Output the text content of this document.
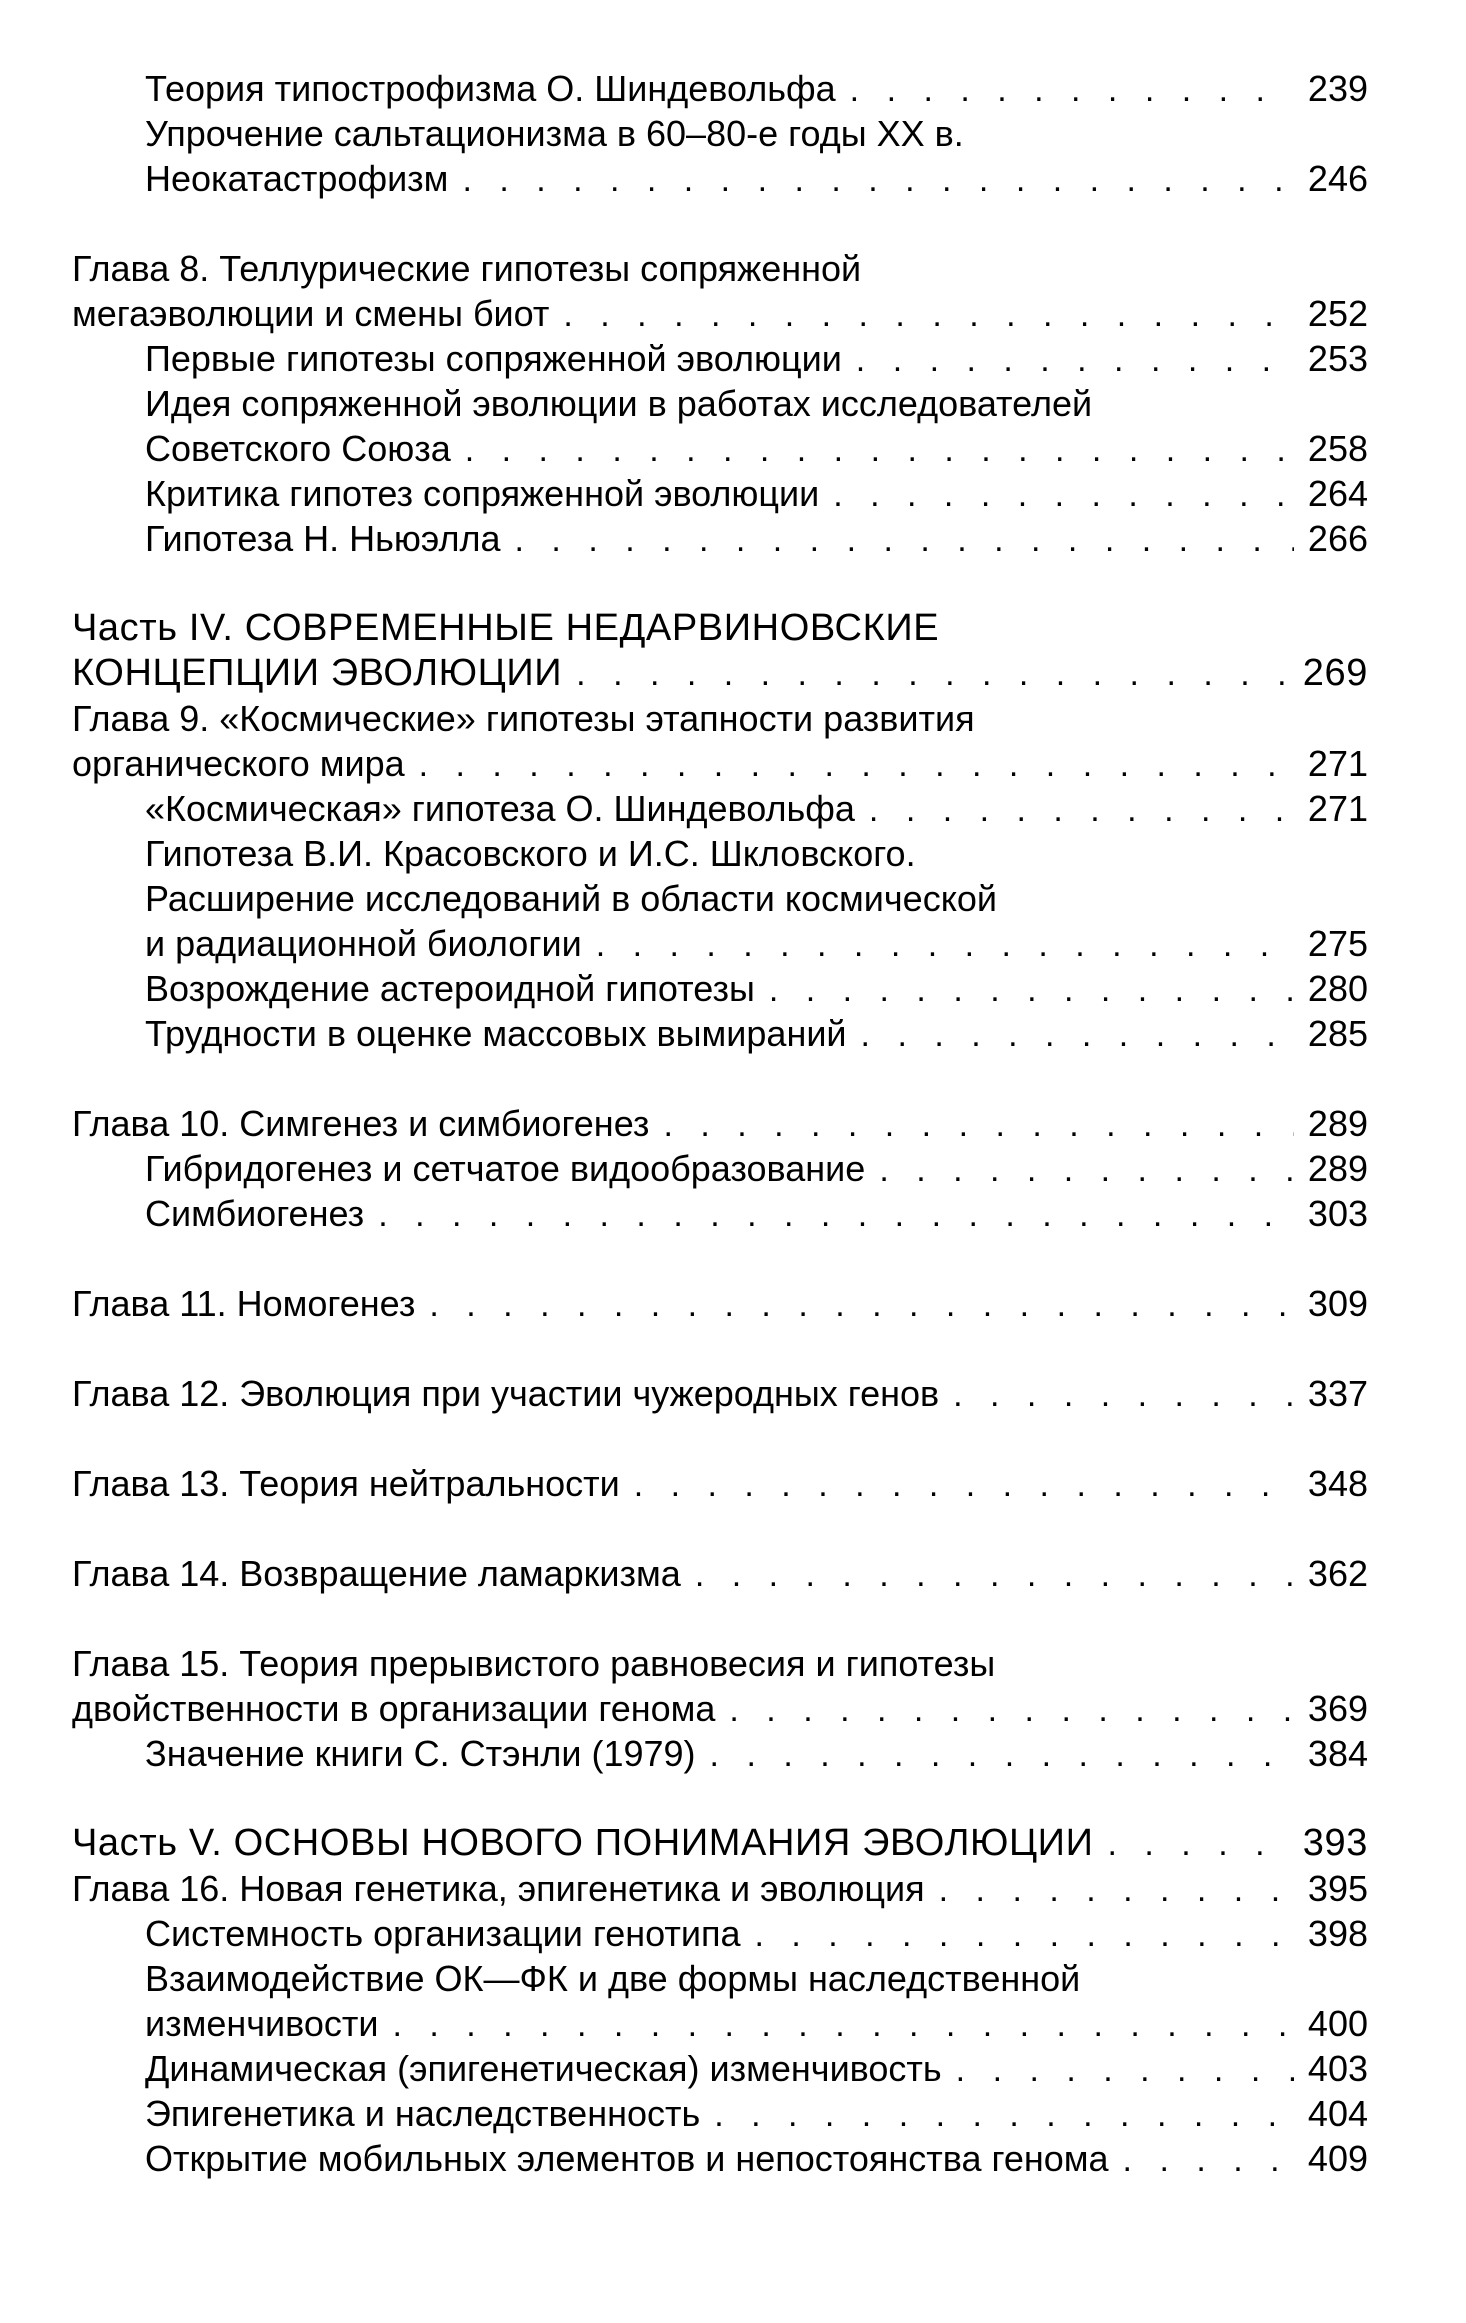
Теория типострофизма О. Шиндевольфа . . .	239
Упрочение сальтационизма в 60–80-е годы XX в.
Неокатастрофизм . . .	246
Глава 8. Теллурические гипотезы сопряженной
мегаэволюции и смены биот . . .	252
Первые гипотезы сопряженной эволюции . . .	253
Идея сопряженной эволюции в работах исследователей
Советского Союза . . .	258
Критика гипотез сопряженной эволюции . . .	264
Гипотеза Н. Ньюэлла . . .	266
Часть IV. СОВРЕМЕННЫЕ НЕДАРВИНОВСКИЕ
КОНЦЕПЦИИ ЭВОЛЮЦИИ . . .	269
Глава 9. «Космические» гипотезы этапности развития
органического мира . . .	271
«Космическая» гипотеза О. Шиндевольфа . . .	271
Гипотеза В.И. Красовского и И.С. Шкловского.
Расширение исследований в области космической
и радиационной биологии . . .	275
Возрождение астероидной гипотезы . . .	280
Трудности в оценке массовых вымираний . . .	285
Глава 10. Симгенез и симбиогенез . . .	289
Гибридогенез и сетчатое видообразование . . .	289
Симбиогенез . . .	303
Глава 11. Номогенез . . .	309
Глава 12. Эволюция при участии чужеродных генов . . .	337
Глава 13. Теория нейтральности . . .	348
Глава 14. Возвращение ламаркизма . . .	362
Глава 15. Теория прерывистого равновесия и гипотезы
двойственности в организации генома . . .	369
Значение книги С. Стэнли (1979) . . .	384
Часть V. ОСНОВЫ НОВОГО ПОНИМАНИЯ ЭВОЛЮЦИИ . . .	393
Глава 16. Новая генетика, эпигенетика и эволюция . . .	395
Системность организации генотипа . . .	398
Взаимодействие ОК—ФК и две формы наследственной
изменчивости . . .	400
Динамическая (эпигенетическая) изменчивость . . .	403
Эпигенетика и наследственность . . .	404
Открытие мобильных элементов и непостоянства генома . . .	409
